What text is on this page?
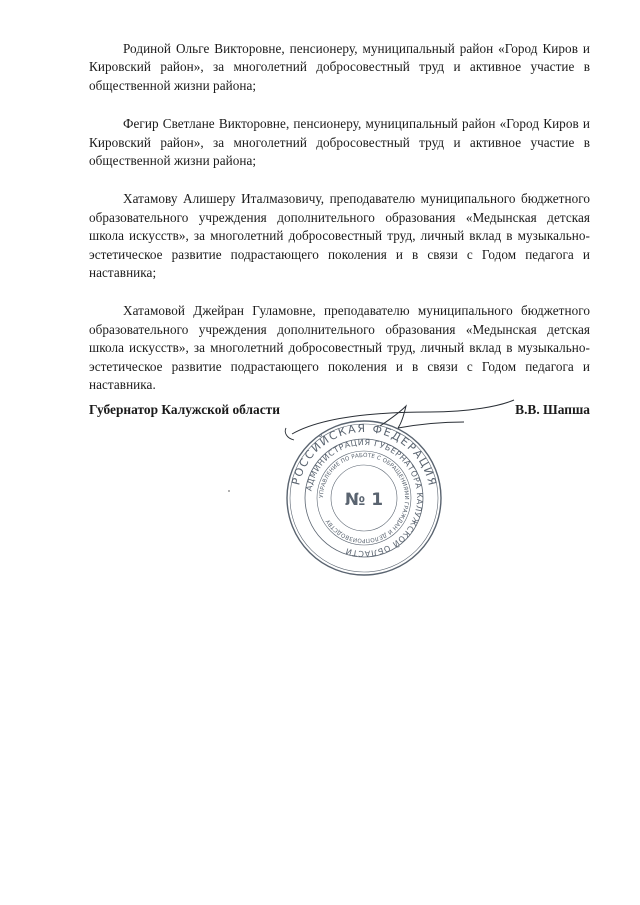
Родиной Ольге Викторовне, пенсионеру, муниципальный район «Город Киров и Кировский район», за многолетний добросовестный труд и активное участие в общественной жизни района;

Фегир Светлане Викторовне, пенсионеру, муниципальный район «Город Киров и Кировский район», за многолетний добросовестный труд и активное участие в общественной жизни района;

Хатамову Алишеру Италмазовичу, преподавателю муниципального бюджетного образовательного учреждения дополнительного образования «Медынская детская школа искусств», за многолетний добросовестный труд, личный вклад в музыкально-эстетическое развитие подрастающего поколения и в связи с Годом педагога и наставника;

Хатамовой Джейран Гуламовне, преподавателю муниципального бюджетного образовательного учреждения дополнительного образования «Медынская детская школа искусств», за многолетний добросовестный труд, личный вклад в музыкально-эстетическое развитие подрастающего поколения и в связи с Годом педагога и наставника.

Губернатор Калужской области	В.В. Шапша
РОССИЙСКАЯ ФЕДЕРАЦИЯ
АДМИНИСТРАЦИЯ ГУБЕРНАТОРА КАЛУЖСКОЙ ОБЛАСТИ
УПРАВЛЕНИЕ ПО РАБОТЕ С ОБРАЩЕНИЯМИ ГРАЖДАН И ДЕЛОПРОИЗВОДСТВУ
№ 1
